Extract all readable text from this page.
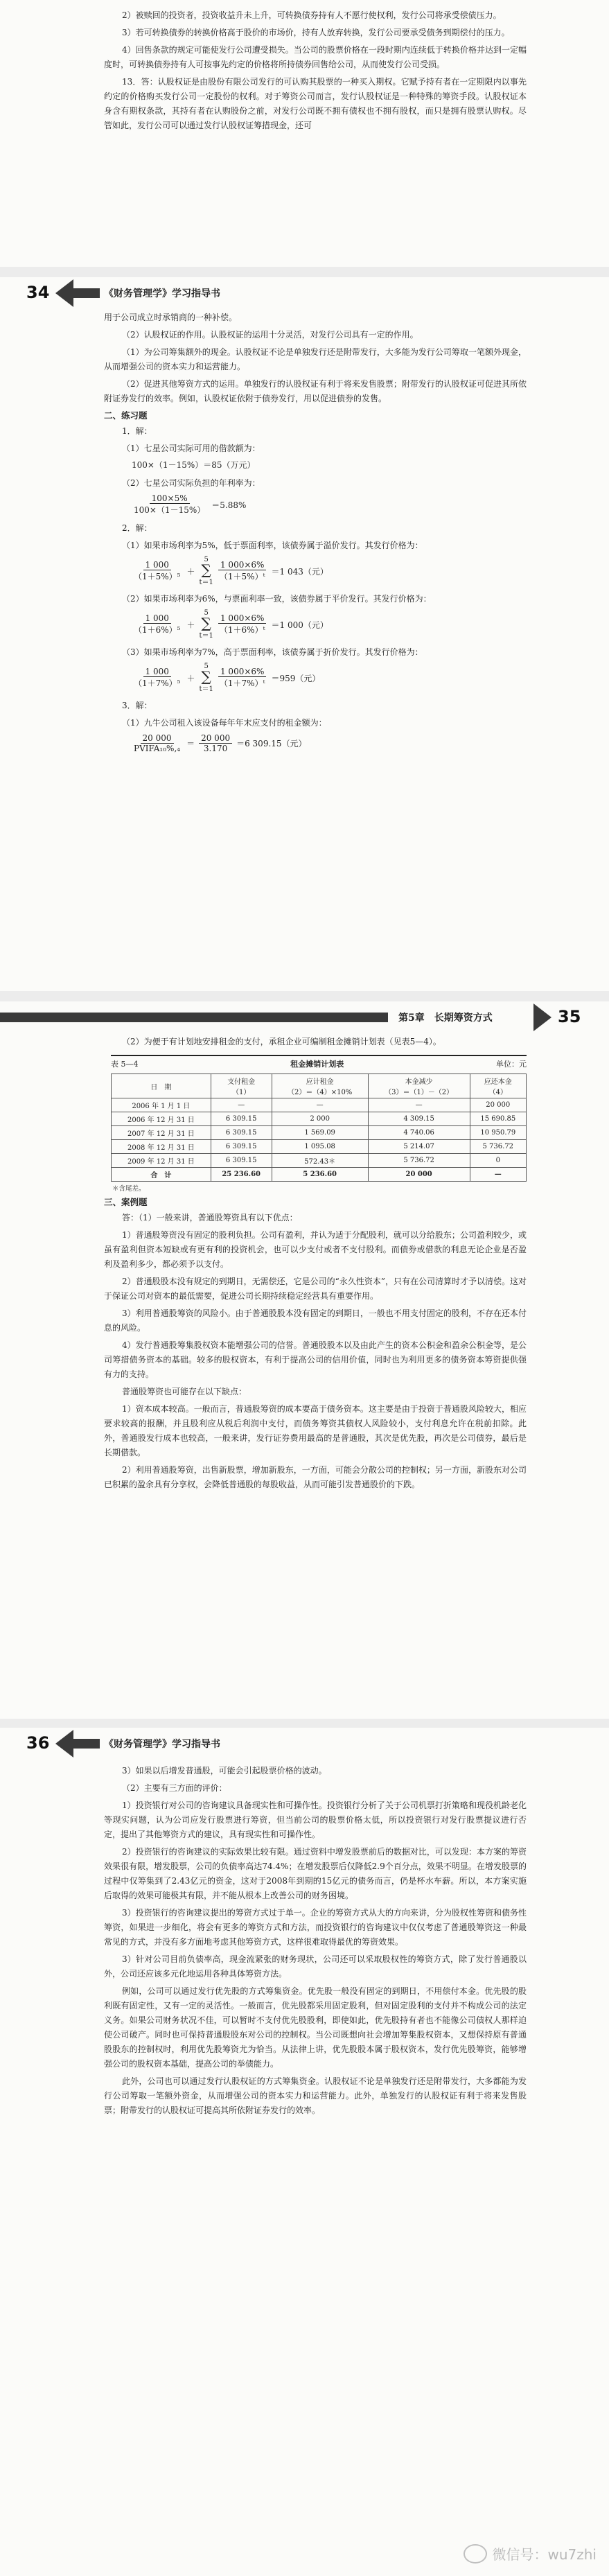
2）被赎回的投资者，投资收益升未上升，可转换债券持有人不愿行使权利，发行公司将承受偿债压力。

3）若可转换债券的转换价格高于股价的市场价，持有人放弃转换，发行公司要承受债务到期偿付的压力。

4）回售条款的规定可能使发行公司遭受损失。当公司的股票价格在一段时期内连续低于转换价格并达到一定幅度时，可转换债券持有人可按事先约定的价格将所持债券回售给公司，从而使发行公司受损。

13．答：认股权证是由股份有限公司发行的可认购其股票的一种买入期权。它赋予持有者在一定期限内以事先约定的价格购买发行公司一定股份的权利。对于筹资公司而言，发行认股权证是一种特殊的筹资手段。认股权证本身含有期权条款，其持有者在认购股份之前，对发行公司既不拥有债权也不拥有股权，而只是拥有股票认购权。尽管如此，发行公司可以通过发行认股权证筹措现金，还可

34	《财务管理学》学习指导书

用于公司成立时承销商的一种补偿。

（2）认股权证的作用。认股权证的运用十分灵活，对发行公司具有一定的作用。

（1）为公司筹集额外的现金。认股权证不论是单独发行还是附带发行，大多能为发行公司筹取一笔额外现金，从而增强公司的资本实力和运营能力。

（2）促进其他筹资方式的运用。单独发行的认股权证有利于将来发售股票；附带发行的认股权证可促进其所依附证券发行的效率。例如，认股权证依附于债券发行，用以促进债券的发售。

二、练习题

1．解：

（1）七星公司实际可用的借款额为：

100×（1－15%）＝85（万元）

（2）七星公司实际负担的年利率为：

$\frac{100\times 5\%}{100\times(1-15\%)} =5.88\%$

2．解：

（1）如果市场利率为5%，低于票面利率，该债券属于溢价发行。其发行价格为：

$\frac{1 000}{\text{（1＋5\%）⁵}}$ ＋
5
∑
t＝1
$\frac{1 000\times 6\%}{\text{（1＋5\%）ᵗ}} =1$ 043（元）

（2）如果市场利率为6%，与票面利率一致，该债券属于平价发行。其发行价格为：

$\frac{1 000}{\text{（1＋6\%）⁵}}$ ＋
5
∑
t＝1
$\frac{1 000\times 6\%}{\text{（1＋6\%）ᵗ}} =1$ 000（元）

（3）如果市场利率为7%，高于票面利率，该债券属于折价发行。其发行价格为：

$\frac{1 000}{\text{（1＋7\%）⁵}}$ ＋
5
∑
t＝1
$\frac{1 000\times 6\%}{\text{（1＋7\%）ᵗ}} =959$（元）

3．解：

（1）九牛公司租入该设备每年年末应支付的租金额为：

$\frac{20 000}{\text{PVIFA₁₀\%,₄}} = \frac{20 000}{3.170} =6$ 309.15（元）
第5章　长期筹资方式	35

（2）为便于有计划地安排租金的支付，承租企业可编制租金摊销计划表（见表5—4）。

表 5—4	租金摊销计划表	单位：元
日　期	支付租金
（1）	应计租金
（2）＝（4）×10%	本金减少
（3）＝（1）－（2）	应还本金
（4）
2006 年 1 月 1 日	—	—	—	20 000
2006 年 12 月 31 日	6 309.15	2 000	4 309.15	15 690.85
2007 年 12 月 31 日	6 309.15	1 569.09	4 740.06	10 950.79
2008 年 12 月 31 日	6 309.15	1 095.08	5 214.07	5 736.72
2009 年 12 月 31 日	6 309.15	572.43＊	5 736.72	0
合　计	25 236.60	5 236.60	20 000	—

＊含尾差。

三、案例题

答：（1）一般来讲，普通股筹资具有以下优点：

1）普通股筹资没有固定的股利负担。公司有盈利，并认为适于分配股利，就可以分给股东；公司盈利较少，或虽有盈利但资本短缺或有更有利的投资机会，也可以少支付或者不支付股利。而债券或借款的利息无论企业是否盈利及盈利多少，都必须予以支付。

2）普通股股本没有规定的到期日，无需偿还，它是公司的“永久性资本”，只有在公司清算时才予以清偿。这对于保证公司对资本的最低需要，促进公司长期持续稳定经营具有重要作用。

3）利用普通股筹资的风险小。由于普通股股本没有固定的到期日，一般也不用支付固定的股利，不存在还本付息的风险。

4）发行普通股筹集股权资本能增强公司的信誉。普通股股本以及由此产生的资本公积金和盈余公积金等，是公司筹措债务资本的基础。较多的股权资本，有利于提高公司的信用价值，同时也为利用更多的债务资本筹资提供强有力的支持。

普通股筹资也可能存在以下缺点：

1）资本成本较高。一般而言，普通股筹资的成本要高于债务资本。这主要是由于投资于普通股风险较大，相应要求较高的报酬，并且股利应从税后利润中支付，而债务筹资其债权人风险较小，支付利息允许在税前扣除。此外，普通股发行成本也较高，一般来讲，发行证券费用最高的是普通股，其次是优先股，再次是公司债券，最后是长期借款。

2）利用普通股筹资，出售新股票，增加新股东，一方面，可能会分散公司的控制权；另一方面，新股东对公司已积累的盈余具有分享权，会降低普通股的每股收益，从而可能引发普通股价的下跌。

36	《财务管理学》学习指导书

3）如果以后增发普通股，可能会引起股票价格的波动。

（2）主要有三方面的评价：

1）投资银行对公司的咨询建议具备现实性和可操作性。投资银行分析了关于公司机票打折策略和现役机龄老化等现实问题，认为公司应发行股票进行筹资，但当前公司的股票价格太低，所以投资银行对发行股票提议进行否定，提出了其他筹资方式的建议，具有现实性和可操作性。

2）投资银行的咨询建议的实际效果比较有限。通过资料中增发股票前后的数据对比，可以发现：本方案的筹资效果很有限，增发股票，公司的负债率高达74.4%；在增发股票后仅降低2.9个百分点，效果不明显。在增发股票的过程中仅筹集到了2.43亿元的资金，这对于2008年到期的15亿元的债务而言，仍是杯水车薪。所以，本方案实施后取得的效果可能极其有限，并不能从根本上改善公司的财务困境。

3）投资银行的咨询建议提出的筹资方式过于单一。企业的筹资方式从大的方向来讲，分为股权性筹资和债务性筹资，如果进一步细化，将会有更多的筹资方式和方法，而投资银行的咨询建议中仅仅考虑了普通股筹资这一种最常见的方式，并没有多方面地考虑其他筹资方式，这样很难取得最优的筹资效果。

3）针对公司目前负债率高，现金流紧张的财务现状，公司还可以采取股权性的筹资方式，除了发行普通股以外，公司还应该多元化地运用各种具体筹资方法。

例如，公司可以通过发行优先股的方式筹集资金。优先股一般没有固定的到期日，不用偿付本金。优先股的股利既有固定性，又有一定的灵活性。一般而言，优先股都采用固定股利，但对固定股利的支付并不构成公司的法定义务。如果公司财务状况不佳，可以暂时不支付优先股股利，即使如此，优先股持有者也不能像公司债权人那样迫使公司破产。同时也可保持普通股股东对公司的控制权。当公司既想向社会增加筹集股权资本，又想保持原有普通股股东的控制权时，利用优先股筹资尤为恰当。从法律上讲，优先股股本属于股权资本，发行优先股筹资，能够增强公司的股权资本基础，提高公司的举债能力。

此外，公司也可以通过发行认股权证的方式筹集资金。认股权证不论是单独发行还是附带发行，大多都能为发行公司筹取一笔额外资金，从而增强公司的资本实力和运营能力。此外，单独发行的认股权证有利于将来发售股票；附带发行的认股权证可提高其所依附证券发行的效率。

微信号：wu7zhi
